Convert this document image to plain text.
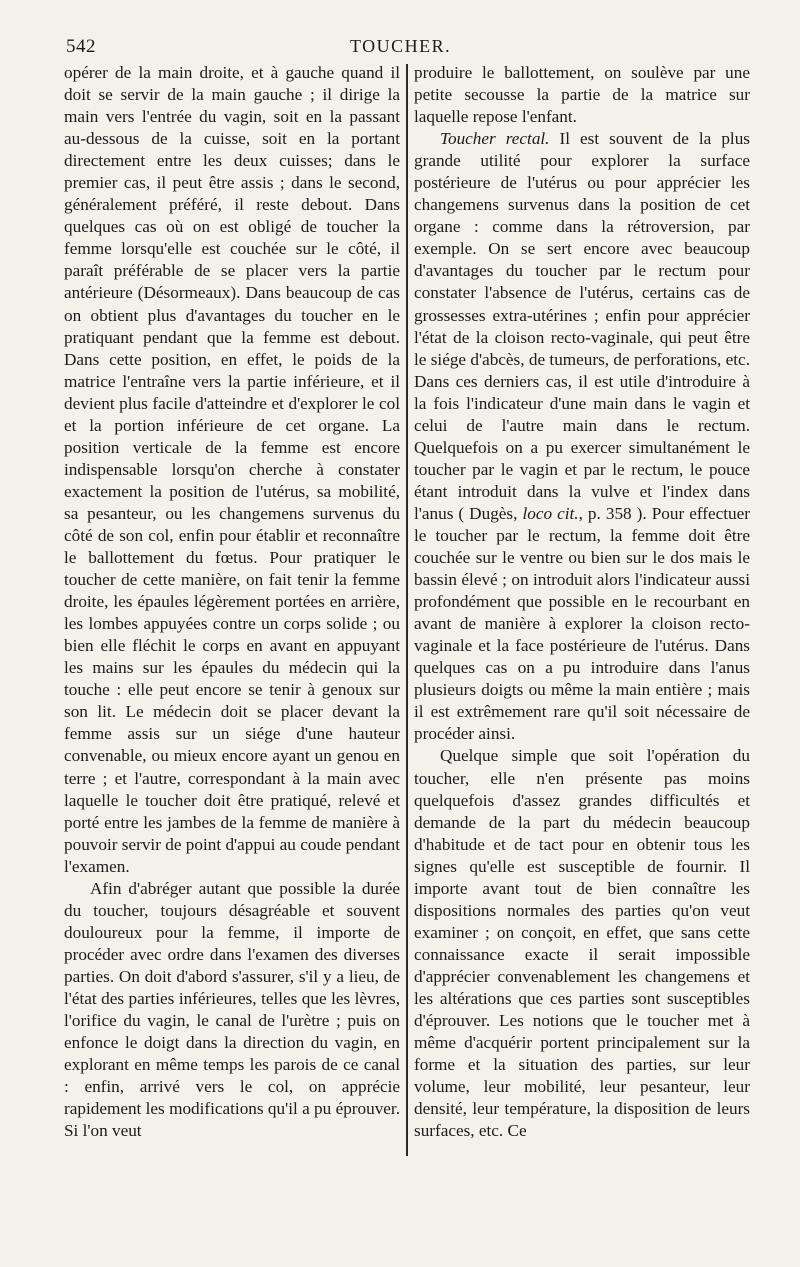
542	TOUCHER.

opérer de la main droite, et à gauche quand il doit se servir de la main gauche ; il dirige la main vers l'entrée du vagin, soit en la passant au-dessous de la cuisse, soit en la portant directement entre les deux cuisses; dans le premier cas, il peut être assis ; dans le second, généralement préféré, il reste debout. Dans quelques cas où on est obligé de toucher la femme lorsqu'elle est couchée sur le côté, il paraît préférable de se placer vers la partie antérieure (Désormeaux). Dans beaucoup de cas on obtient plus d'avantages du toucher en le pratiquant pendant que la femme est debout. Dans cette position, en effet, le poids de la matrice l'entraîne vers la partie inférieure, et il devient plus facile d'atteindre et d'explorer le col et la portion inférieure de cet organe. La position verticale de la femme est encore indispensable lorsqu'on cherche à constater exactement la position de l'utérus, sa mobilité, sa pesanteur, ou les changemens survenus du côté de son col, enfin pour établir et reconnaître le ballottement du fœtus. Pour pratiquer le toucher de cette manière, on fait tenir la femme droite, les épaules légèrement portées en arrière, les lombes appuyées contre un corps solide ; ou bien elle fléchit le corps en avant en appuyant les mains sur les épaules du médecin qui la touche : elle peut encore se tenir à genoux sur son lit. Le médecin doit se placer devant la femme assis sur un siége d'une hauteur convenable, ou mieux encore ayant un genou en terre ; et l'autre, correspondant à la main avec laquelle le toucher doit être pratiqué, relevé et porté entre les jambes de la femme de manière à pouvoir servir de point d'appui au coude pendant l'examen.

Afin d'abréger autant que possible la durée du toucher, toujours désagréable et souvent douloureux pour la femme, il importe de procéder avec ordre dans l'examen des diverses parties. On doit d'abord s'assurer, s'il y a lieu, de l'état des parties inférieures, telles que les lèvres, l'orifice du vagin, le canal de l'urètre ; puis on enfonce le doigt dans la direction du vagin, en explorant en même temps les parois de ce canal : enfin, arrivé vers le col, on apprécie rapidement les modifications qu'il a pu éprouver. Si l'on veut

produire le ballottement, on soulève par une petite secousse la partie de la matrice sur laquelle repose l'enfant.

Toucher rectal. Il est souvent de la plus grande utilité pour explorer la surface postérieure de l'utérus ou pour apprécier les changemens survenus dans la position de cet organe : comme dans la rétroversion, par exemple. On se sert encore avec beaucoup d'avantages du toucher par le rectum pour constater l'absence de l'utérus, certains cas de grossesses extra-utérines ; enfin pour apprécier l'état de la cloison recto-vaginale, qui peut être le siége d'abcès, de tumeurs, de perforations, etc. Dans ces derniers cas, il est utile d'introduire à la fois l'indicateur d'une main dans le vagin et celui de l'autre main dans le rectum. Quelquefois on a pu exercer simultanément le toucher par le vagin et par le rectum, le pouce étant introduit dans la vulve et l'index dans l'anus ( Dugès, loco cit., p. 358 ). Pour effectuer le toucher par le rectum, la femme doit être couchée sur le ventre ou bien sur le dos mais le bassin élevé ; on introduit alors l'indicateur aussi profondément que possible en le recourbant en avant de manière à explorer la cloison recto-vaginale et la face postérieure de l'utérus. Dans quelques cas on a pu introduire dans l'anus plusieurs doigts ou même la main entière ; mais il est extrêmement rare qu'il soit nécessaire de procéder ainsi.

Quelque simple que soit l'opération du toucher, elle n'en présente pas moins quelquefois d'assez grandes difficultés et demande de la part du médecin beaucoup d'habitude et de tact pour en obtenir tous les signes qu'elle est susceptible de fournir. Il importe avant tout de bien connaître les dispositions normales des parties qu'on veut examiner ; on conçoit, en effet, que sans cette connaissance exacte il serait impossible d'apprécier convenablement les changemens et les altérations que ces parties sont susceptibles d'éprouver. Les notions que le toucher met à même d'acquérir portent principalement sur la forme et la situation des parties, sur leur volume, leur mobilité, leur pesanteur, leur densité, leur température, la disposition de leurs surfaces, etc. Ce
